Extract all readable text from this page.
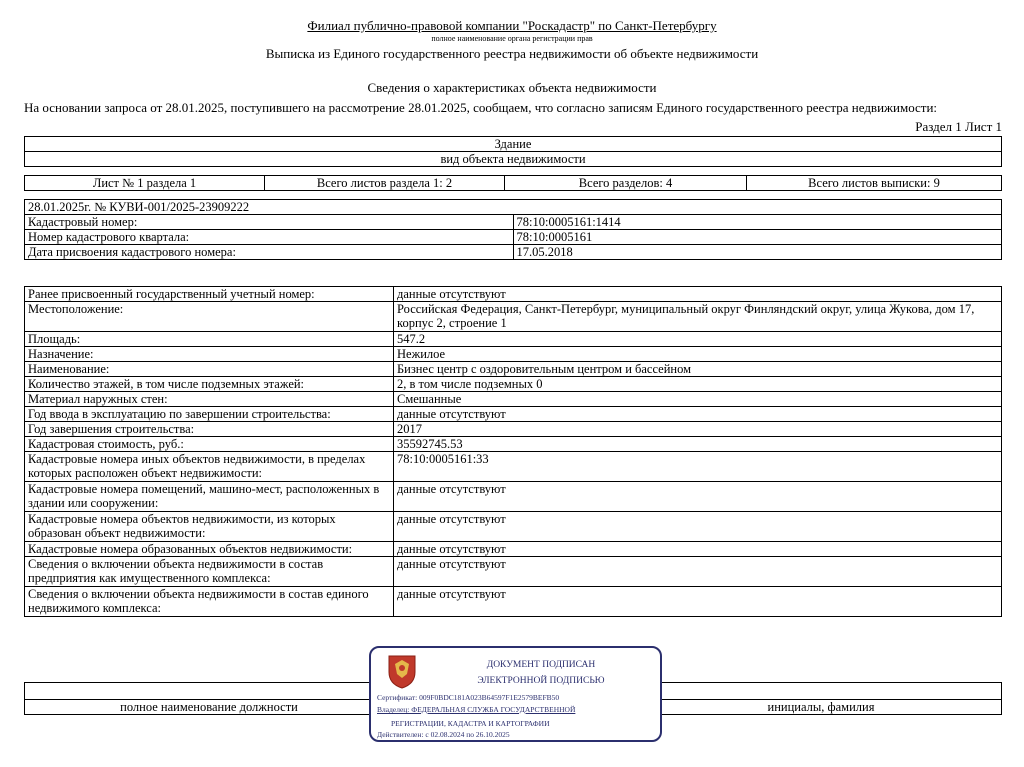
Филиал публично-правовой компании "Роскадастр" по Санкт-Петербургу
полное наименование органа регистрации прав
Выписка из Единого государственного реестра недвижимости об объекте недвижимости
Сведения о характеристиках объекта недвижимости
На основании запроса от 28.01.2025, поступившего на рассмотрение 28.01.2025, сообщаем, что согласно записям Единого государственного реестра недвижимости:
Раздел 1 Лист 1
Здание
вид объекта недвижимости
Лист № 1 раздела 1	Всего листов раздела 1: 2	Всего разделов: 4	Всего листов выписки: 9
28.01.2025г. № КУВИ-001/2025-23909222	
Кадастровый номер:	78:10:0005161:1414
Номер кадастрового квартала:	78:10:0005161
Дата присвоения кадастрового номера:	17.05.2018
Ранее присвоенный государственный учетный номер:	данные отсутствуют
Местоположение:	Российская Федерация, Санкт-Петербург, муниципальный округ Финляндский округ, улица Жукова, дом 17, корпус 2, строение 1
Площадь:	547.2
Назначение:	Нежилое
Наименование:	Бизнес центр с оздоровительным центром и бассейном
Количество этажей, в том числе подземных этажей:	2, в том числе подземных 0
Материал наружных стен:	Смешанные
Год ввода в эксплуатацию по завершении строительства:	данные отсутствуют
Год завершения строительства:	2017
Кадастровая стоимость, руб.:	35592745.53
Кадастровые номера иных объектов недвижимости, в пределах которых расположен объект недвижимости:	78:10:0005161:33
Кадастровые номера помещений, машино-мест, расположенных в здании или сооружении:	данные отсутствуют
Кадастровые номера объектов недвижимости, из которых образован объект недвижимости:	данные отсутствуют
Кадастровые номера образованных объектов недвижимости:	данные отсутствуют
Сведения о включении объекта недвижимости в состав предприятия как имущественного комплекса:	данные отсутствуют
Сведения о включении объекта недвижимости в состав единого недвижимого комплекса:	данные отсутствуют

полное наименование должности		инициалы, фамилия
ДОКУМЕНТ ПОДПИСАН
ЭЛЕКТРОННОЙ ПОДПИСЬЮ
Сертификат: 009F0BDC181A023B64597F1E2579BEFB50
Владелец: ФЕДЕРАЛЬНАЯ СЛУЖБА ГОСУДАРСТВЕННОЙ
РЕГИСТРАЦИИ, КАДАСТРА И КАРТОГРАФИИ
Действителен: с 02.08.2024 по 26.10.2025
